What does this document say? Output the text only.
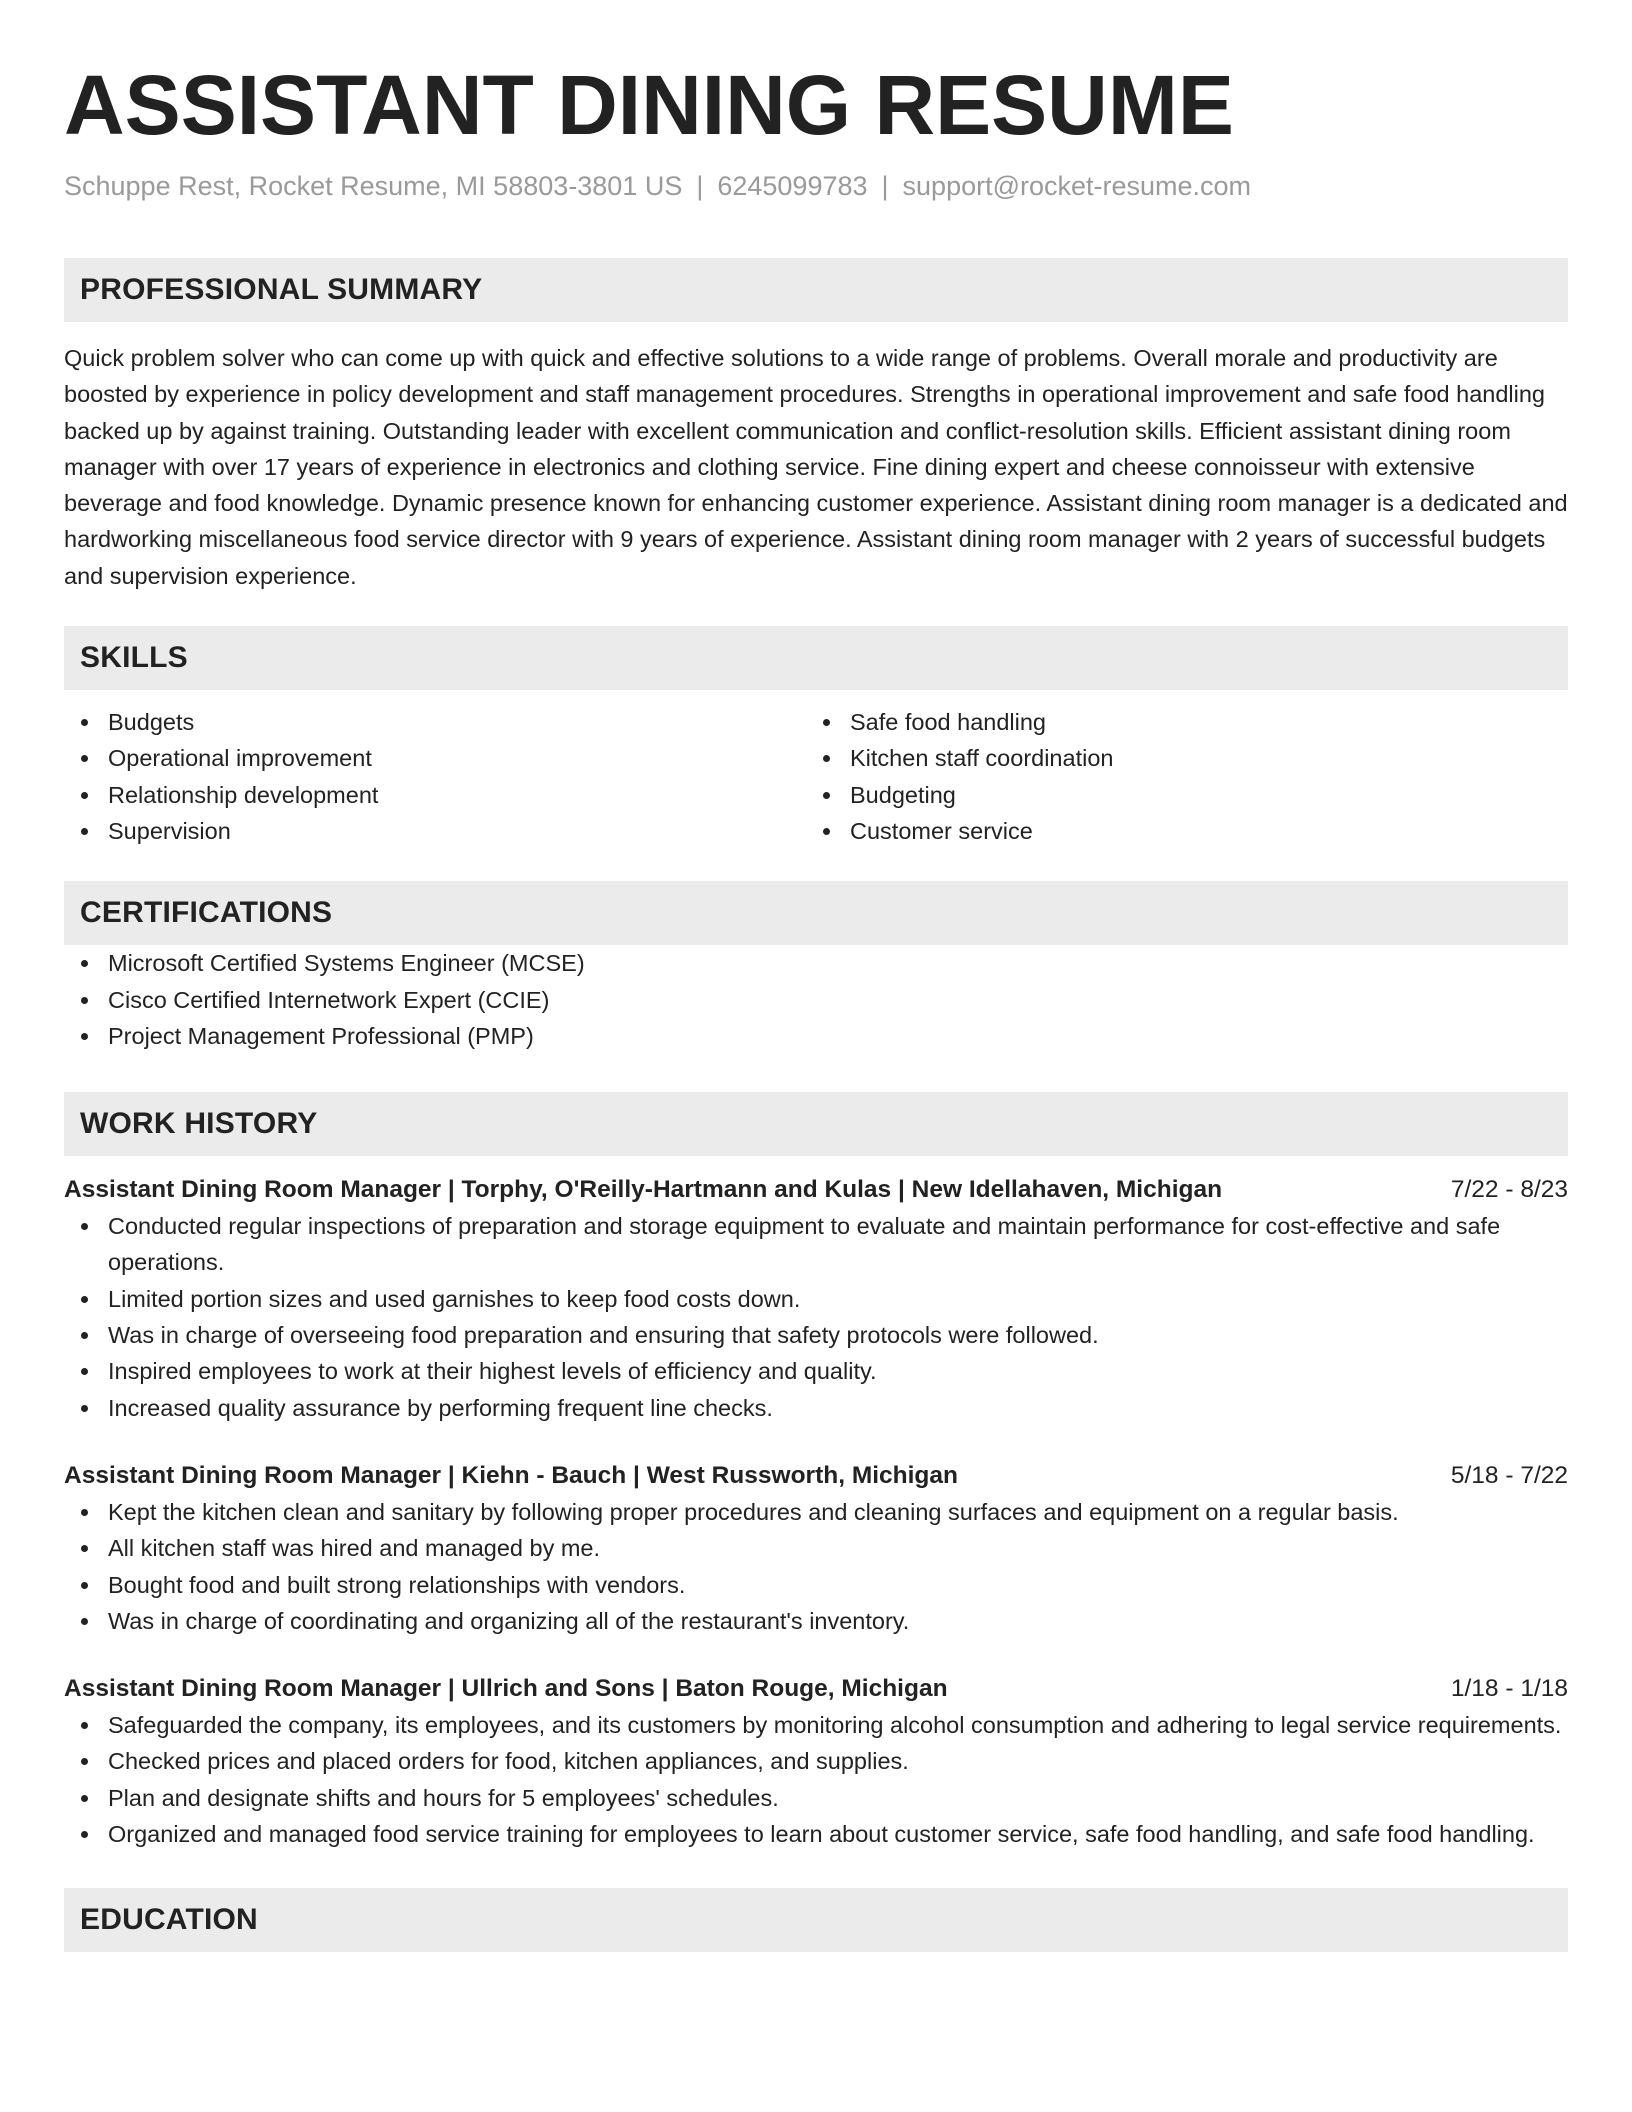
ASSISTANT DINING RESUME
Schuppe Rest, Rocket Resume, MI 58803-3801 US | 6245099783 | support@rocket-resume.com
PROFESSIONAL SUMMARY

Quick problem solver who can come up with quick and effective solutions to a wide range of problems. Overall morale and productivity are boosted by experience in policy development and staff management procedures. Strengths in operational improvement and safe food handling backed up by against training. Outstanding leader with excellent communication and conflict-resolution skills. Efficient assistant dining room manager with over 17 years of experience in electronics and clothing service. Fine dining expert and cheese connoisseur with extensive beverage and food knowledge. Dynamic presence known for enhancing customer experience. Assistant dining room manager is a dedicated and hardworking miscellaneous food service director with 9 years of experience. Assistant dining room manager with 2 years of successful budgets and supervision experience.

SKILLS
Budgets
Operational improvement
Relationship development
Supervision
Safe food handling
Kitchen staff coordination
Budgeting
Customer service
CERTIFICATIONS
Microsoft Certified Systems Engineer (MCSE)
Cisco Certified Internetwork Expert (CCIE)
Project Management Professional (PMP)
WORK HISTORY
Assistant Dining Room Manager | Torphy, O'Reilly-Hartmann and Kulas | New Idellahaven, Michigan	7/22 - 8/23
Conducted regular inspections of preparation and storage equipment to evaluate and maintain performance for cost-effective and safe operations.
Limited portion sizes and used garnishes to keep food costs down.
Was in charge of overseeing food preparation and ensuring that safety protocols were followed.
Inspired employees to work at their highest levels of efficiency and quality.
Increased quality assurance by performing frequent line checks.
Assistant Dining Room Manager | Kiehn - Bauch | West Russworth, Michigan	5/18 - 7/22
Kept the kitchen clean and sanitary by following proper procedures and cleaning surfaces and equipment on a regular basis.
All kitchen staff was hired and managed by me.
Bought food and built strong relationships with vendors.
Was in charge of coordinating and organizing all of the restaurant's inventory.
Assistant Dining Room Manager | Ullrich and Sons | Baton Rouge, Michigan	1/18 - 1/18
Safeguarded the company, its employees, and its customers by monitoring alcohol consumption and adhering to legal service requirements.
Checked prices and placed orders for food, kitchen appliances, and supplies.
Plan and designate shifts and hours for 5 employees' schedules.
Organized and managed food service training for employees to learn about customer service, safe food handling, and safe food handling.
EDUCATION
